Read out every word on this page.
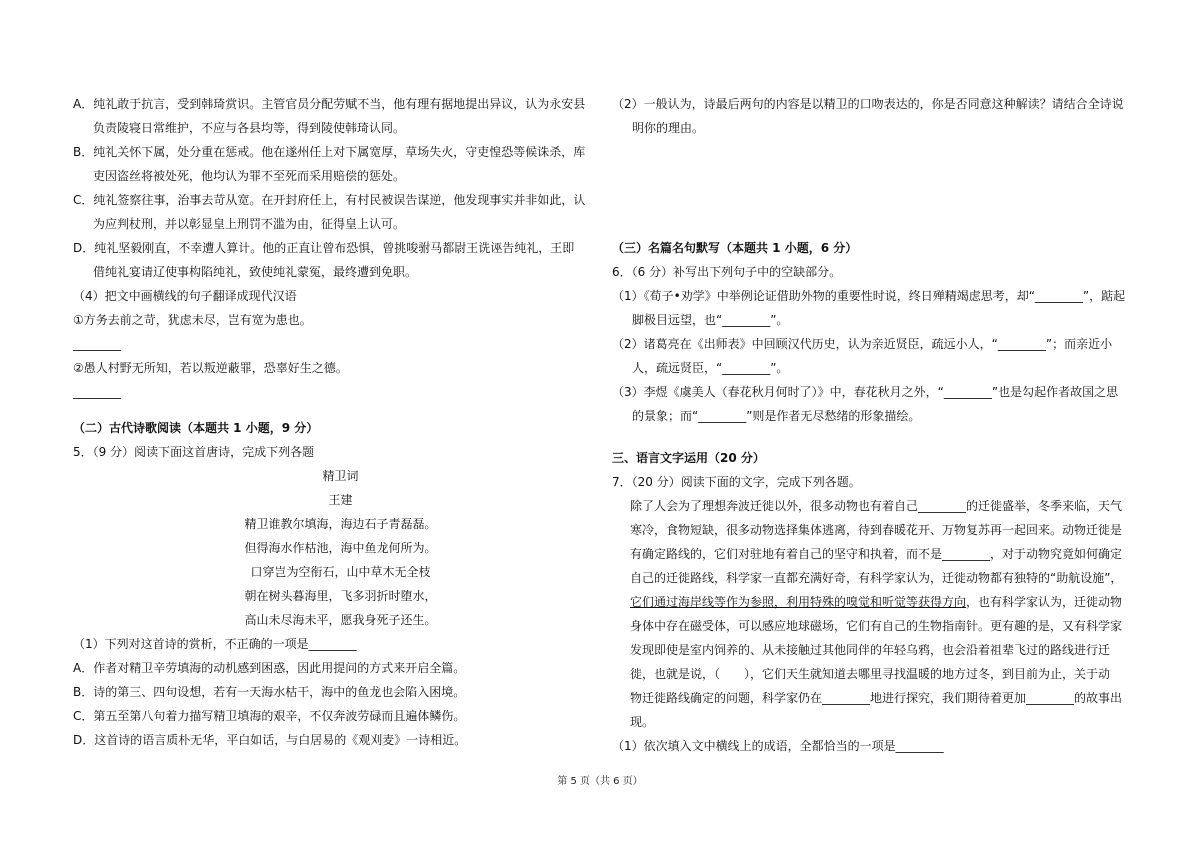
A．纯礼敢于抗言，受到韩琦赏识。主管官员分配劳赋不当，他有理有据地提出异议，认为永安县
负责陵寝日常维护，不应与各县均等，得到陵使韩琦认同。
B．纯礼关怀下属，处分重在惩戒。他在遂州任上对下属宽厚，草场失火，守吏惶恐等候诛杀，库
吏因盗丝将被处死，他均认为罪不至死而采用赔偿的惩处。
C．纯礼签察往事，治事去苛从宽。在开封府任上，有村民被误告谋逆，他发现事实并非如此，认
为应判杖刑，并以彰显皇上刑罚不滥为由，征得皇上认可。
D．纯礼坚毅刚直，不幸遭人算计。他的正直让曾布恐惧，曾挑唆驸马都尉王诜诬告纯礼，王即
借纯礼宴请辽使事构陷纯礼，致使纯礼蒙冤，最终遭到免职。
（4）把文中画横线的句子翻译成现代汉语
①方务去前之苛，犹虑未尽，岂有宽为患也。
________
②愚人村野无所知，若以叛逆蔽罪，恐辜好生之德。
________
（二）古代诗歌阅读（本题共 1 小题，9 分）
5．（9 分）阅读下面这首唐诗，完成下列各题
精卫词
王建
精卫谁教尔填海，海边石子青磊磊。
但得海水作枯池，海中鱼龙何所为。
口穿岂为空衔石，山中草木无全枝
朝在树头暮海里，飞多羽折时堕水，
高山未尽海未平，愿我身死子还生。
（1）下列对这首诗的赏析，不正确的一项是________
A．作者对精卫辛劳填海的动机感到困惑，因此用提问的方式来开启全篇。
B．诗的第三、四句设想，若有一天海水枯干，海中的鱼龙也会陷入困境。
C．第五至第八句着力描写精卫填海的艰辛，不仅奔波劳碌而且遍体鳞伤。
D．这首诗的语言质朴无华，平白如话，与白居易的《观刈麦》一诗相近。
（2）一般认为，诗最后两句的内容是以精卫的口吻表达的，你是否同意这种解读？请结合全诗说
明你的理由。
（三）名篇名句默写（本题共 1 小题，6 分）
6．（6 分）补写出下列句子中的空缺部分。
（1）《荀子•劝学》中举例论证借助外物的重要性时说，终日殚精竭虑思考，却“________”，踮起
脚极目远望，也“________”。
（2）诸葛亮在《出师表》中回顾汉代历史，认为亲近贤臣，疏远小人，“________”；而亲近小
人，疏远贤臣，“________”。
（3）李煜《虞美人（春花秋月何时了）》中，春花秋月之外，“________”也是勾起作者故国之思
的景象；而“________”则是作者无尽愁绪的形象描绘。
三、语言文字运用（20 分）
7．（20 分）阅读下面的文字，完成下列各题。
除了人会为了理想奔波迁徙以外，很多动物也有着自己________的迁徙盛举，冬季来临，天气
寒冷，食物短缺，很多动物选择集体逃离，待到春暖花开、万物复苏再一起回来。动物迁徙是
有确定路线的，它们对驻地有着自己的坚守和执着，而不是________，对于动物究竟如何确定
自己的迁徙路线，科学家一直都充满好奇，有科学家认为，迁徙动物都有独特的“助航设施”，
它们通过海岸线等作为参照，利用特殊的嗅觉和听觉等获得方向，也有科学家认为，迁徙动物
身体中存在磁受体，可以感应地球磁场，它们有自己的生物指南针。更有趣的是，又有科学家
发现即使是室内饲养的、从未接触过其他同伴的年轻乌鸦，也会沿着祖辈飞过的路线进行迁
徙，也就是说，（　　），它们天生就知道去哪里寻找温暖的地方过冬，到目前为止，关于动
物迁徙路线确定的问题，科学家仍在________地进行探究，我们期待着更加________的故事出
现。
（1）依次填入文中横线上的成语，全都恰当的一项是________
第 5 页（共 6 页）
